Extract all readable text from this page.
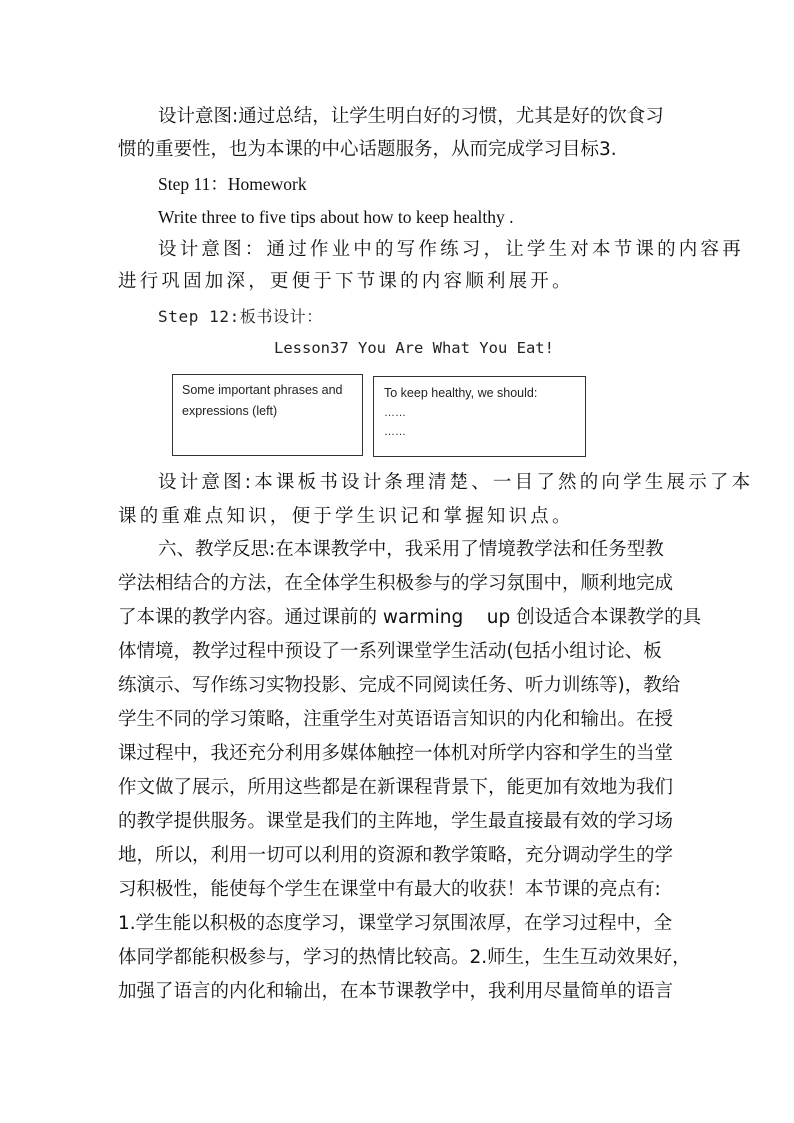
设计意图:通过总结，让学生明白好的习惯，尤其是好的饮食习
惯的重要性，也为本课的中心话题服务，从而完成学习目标3.
Step 11：Homework
Write three to five tips about how to keep healthy .
设计意图：通过作业中的写作练习，让学生对本节课的内容再
进行巩固加深，更便于下节课的内容顺利展开。
Step 12:板书设计：
Lesson37 You Are What You Eat!
Some important phrases and expressions (left)
To keep healthy, we should:
……
……
设计意图:本课板书设计条理清楚、一目了然的向学生展示了本
课的重难点知识，便于学生识记和掌握知识点。
六、教学反思:在本课教学中，我采用了情境教学法和任务型教
学法相结合的方法，在全体学生积极参与的学习氛围中，顺利地完成
了本课的教学内容。通过课前的 warming    up 创设适合本课教学的具
体情境，教学过程中预设了一系列课堂学生活动(包括小组讨论、板
练演示、写作练习实物投影、完成不同阅读任务、听力训练等)，教给
学生不同的学习策略，注重学生对英语语言知识的内化和输出。在授
课过程中，我还充分利用多媒体触控一体机对所学内容和学生的当堂
作文做了展示，所用这些都是在新课程背景下，能更加有效地为我们
的教学提供服务。课堂是我们的主阵地，学生最直接最有效的学习场
地，所以，利用一切可以利用的资源和教学策略，充分调动学生的学
习积极性，能使每个学生在课堂中有最大的收获！本节课的亮点有:
1.学生能以积极的态度学习，课堂学习氛围浓厚，在学习过程中，全
体同学都能积极参与，学习的热情比较高。2.师生，生生互动效果好，
加强了语言的内化和输出，在本节课教学中，我利用尽量简单的语言
